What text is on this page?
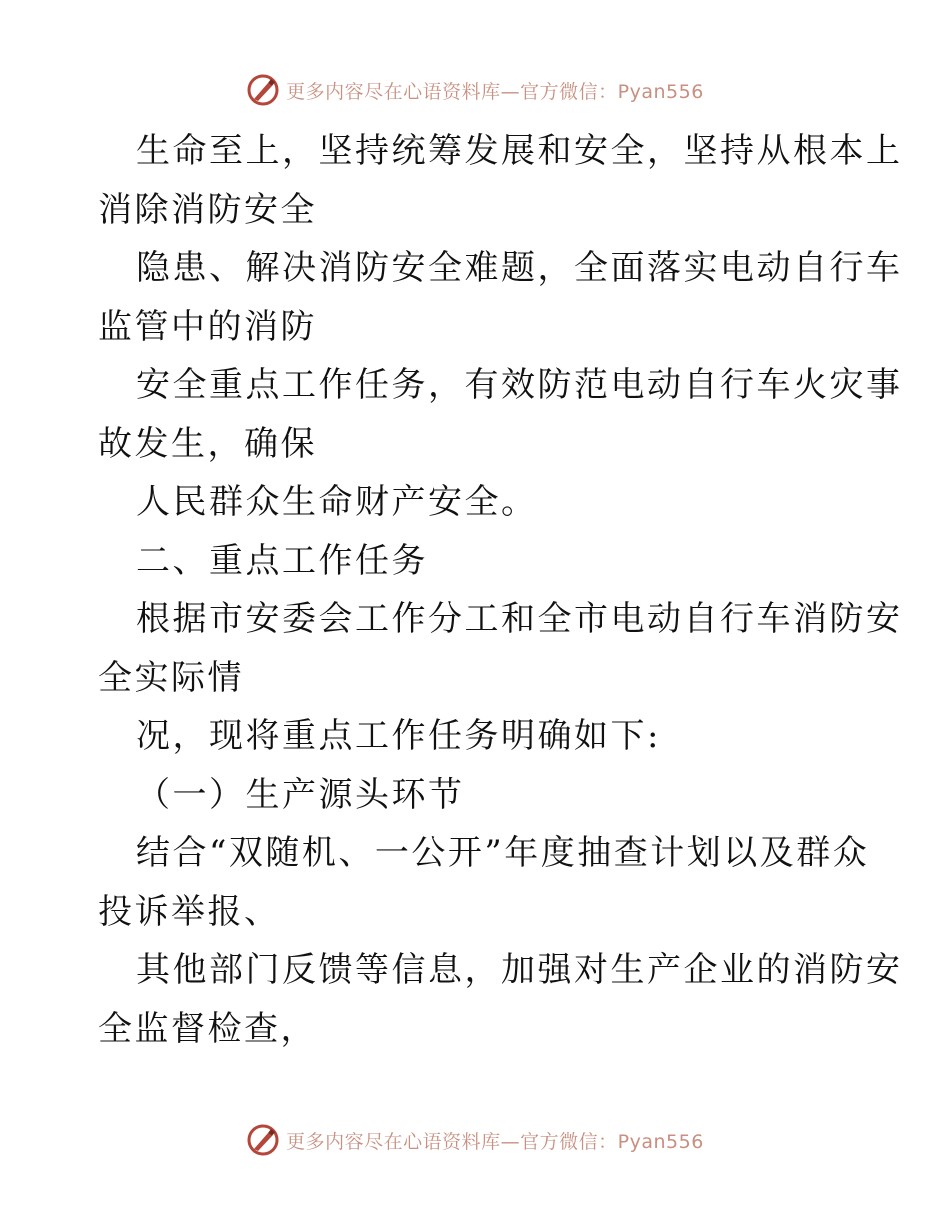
更多内容尽在心语资料库—官方微信：Pyan556
生命至上，坚持统筹发展和安全，坚持从根本上
消除消防安全
隐患、解决消防安全难题，全面落实电动自行车
监管中的消防
安全重点工作任务，有效防范电动自行车火灾事
故发生，确保
人民群众生命财产安全。
二、重点工作任务
根据市安委会工作分工和全市电动自行车消防安
全实际情
况，现将重点工作任务明确如下:
（一）生产源头环节
结合“双随机、一公开”年度抽查计划以及群众
投诉举报、
其他部门反馈等信息，加强对生产企业的消防安
全监督检查，
更多内容尽在心语资料库—官方微信：Pyan556
